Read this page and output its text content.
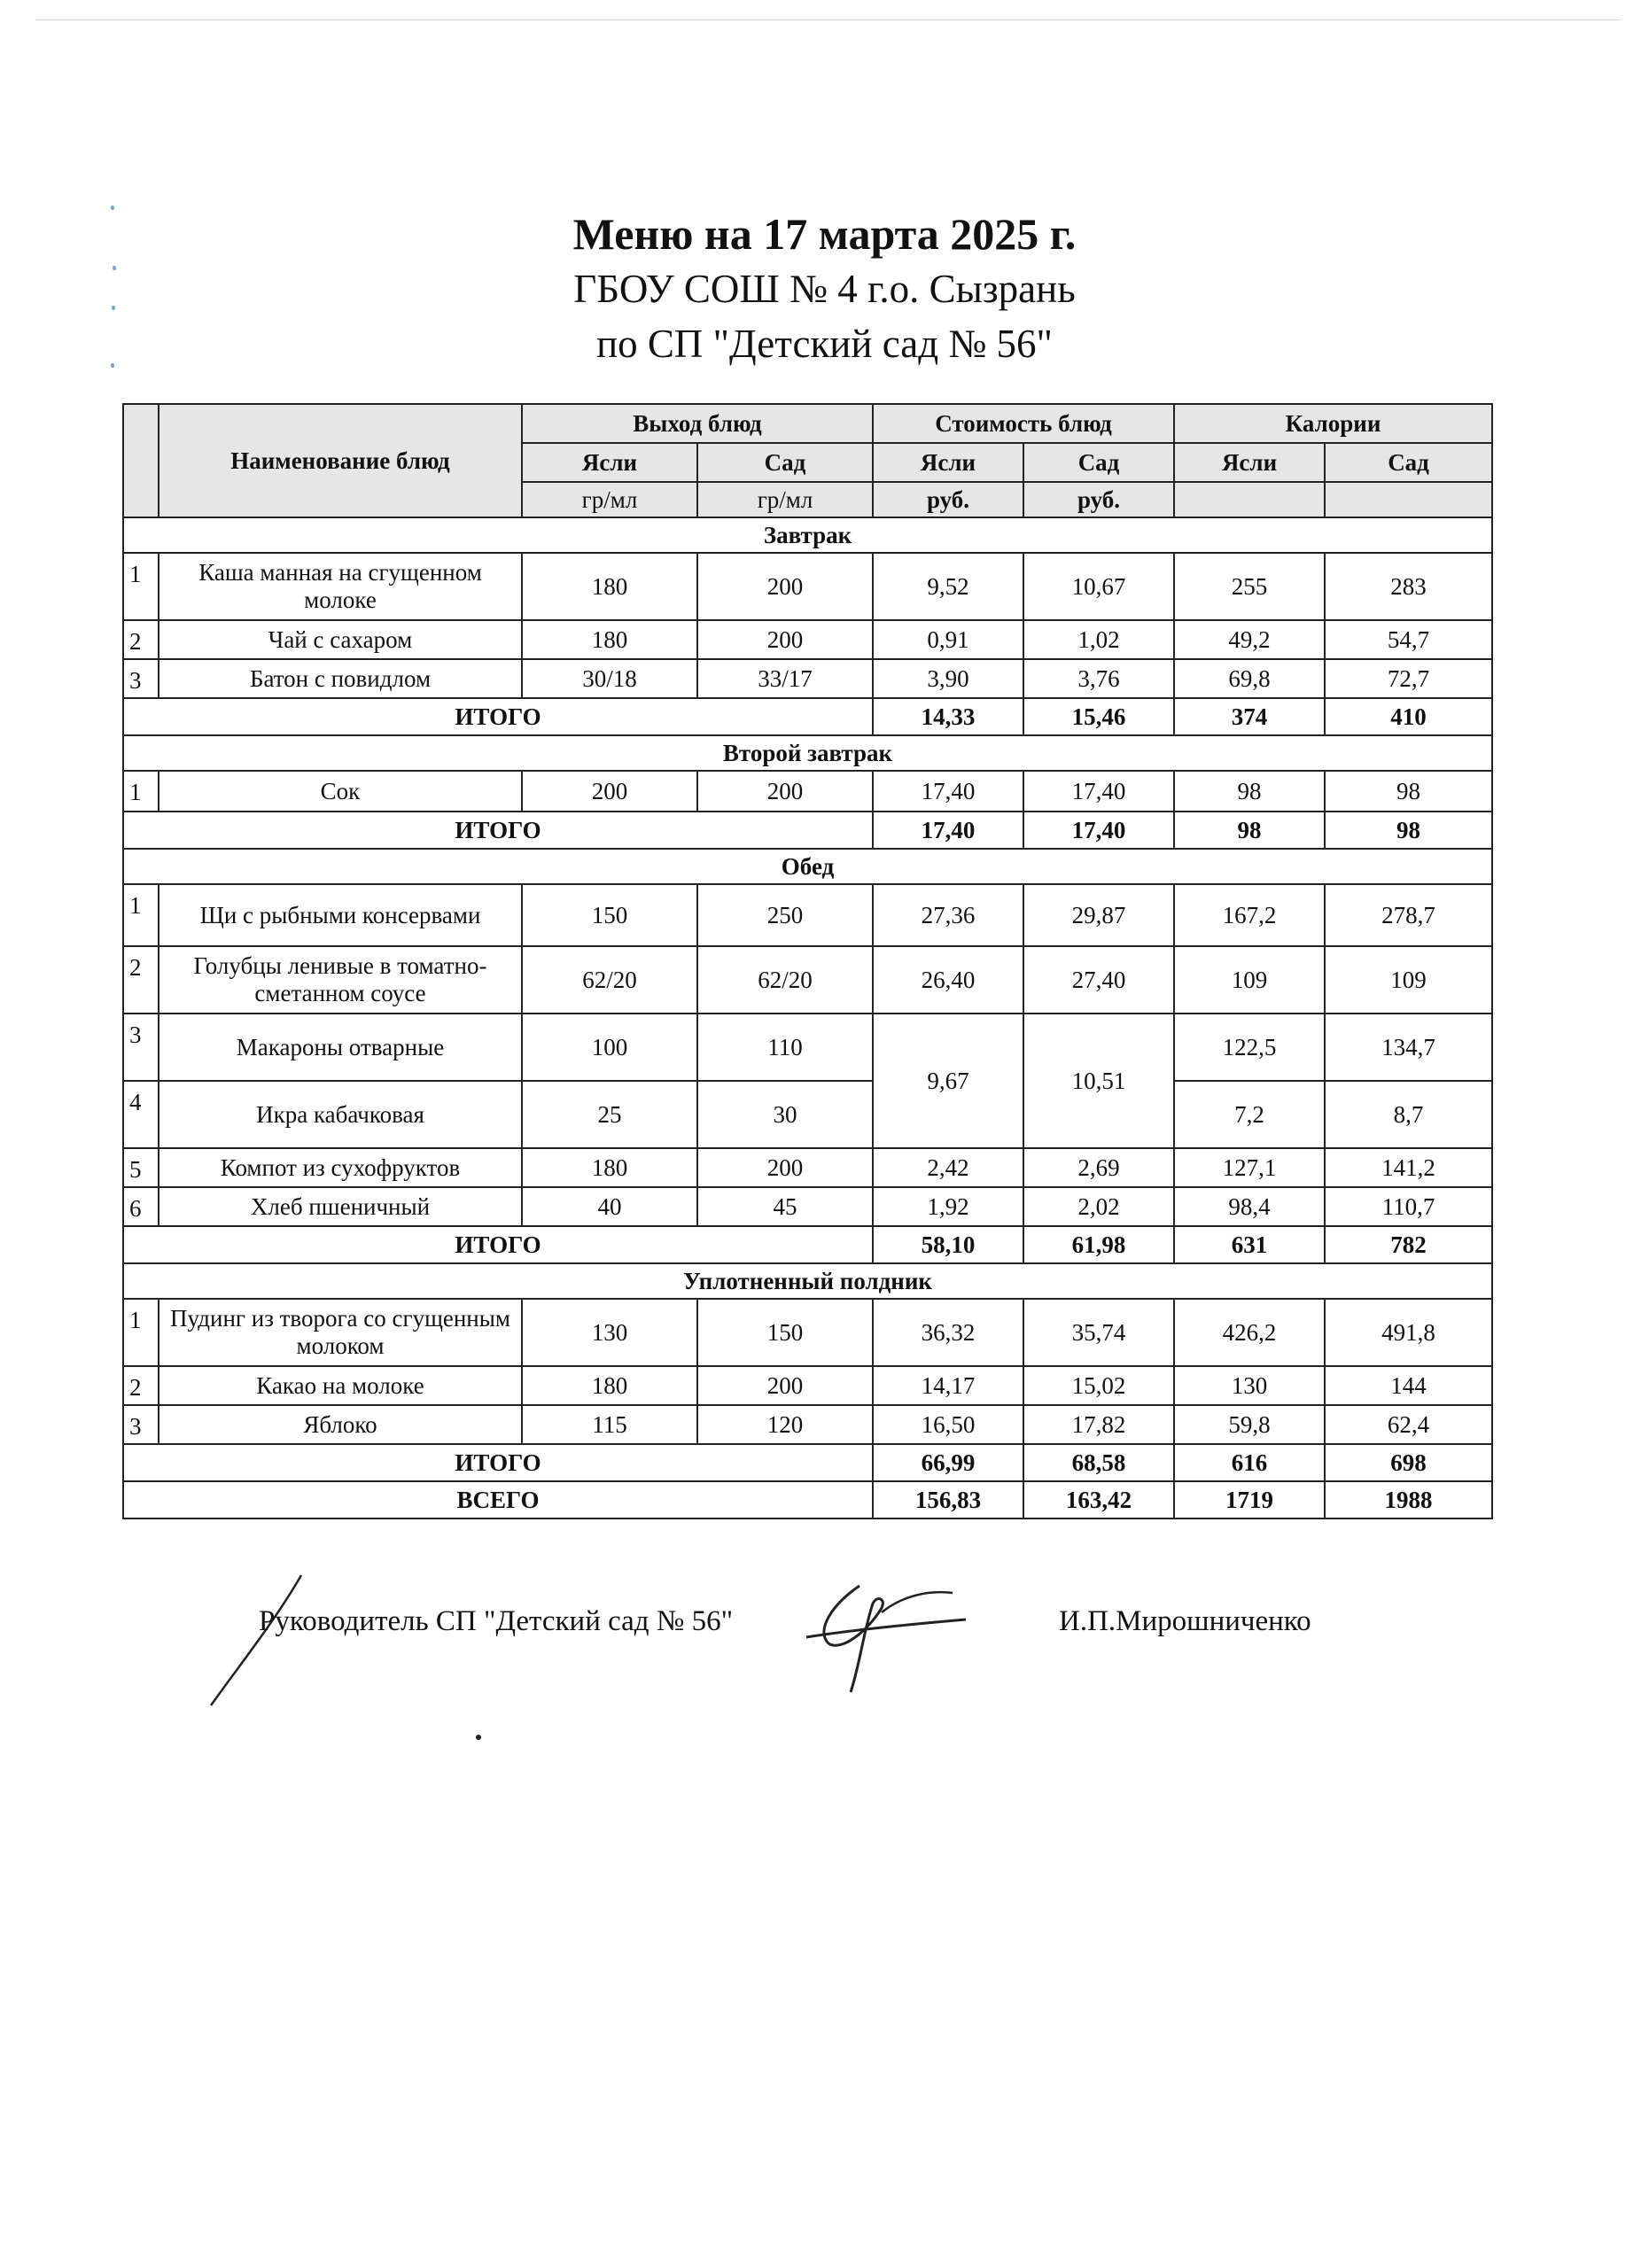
Меню на 17 марта 2025 г.
ГБОУ СОШ № 4 г.о. Сызрань
по СП "Детский сад № 56"
	Наименование блюд	Выход блюд		Стоимость блюд		Калории	
		Ясли	Сад	Ясли	Сад	Ясли	Сад
		гр/мл	гр/мл	руб.	руб.		
Завтрак							
1	Каша манная на сгущенном молоке	180	200	9,52	10,67	255	283
2	Чай с сахаром	180	200	0,91	1,02	49,2	54,7
3	Батон с повидлом	30/18	33/17	3,90	3,76	69,8	72,7
ИТОГО				14,33	15,46	374	410
Второй завтрак							
1	Сок	200	200	17,40	17,40	98	98
ИТОГО				17,40	17,40	98	98
Обед							
1	Щи с рыбными консервами	150	250	27,36	29,87	167,2	278,7
2	Голубцы ленивые в томатно-сметанном соусе	62/20	62/20	26,40	27,40	109	109
3	Макароны отварные	100	110	9,67	10,51	122,5	134,7
4	Икра кабачковая	25	30			7,2	8,7
5	Компот из сухофруктов	180	200	2,42	2,69	127,1	141,2
6	Хлеб пшеничный	40	45	1,92	2,02	98,4	110,7
ИТОГО				58,10	61,98	631	782
Уплотненный полдник							
1	Пудинг из творога со сгущенным молоком	130	150	36,32	35,74	426,2	491,8
2	Какао на молоке	180	200	14,17	15,02	130	144
3	Яблоко	115	120	16,50	17,82	59,8	62,4
ИТОГО				66,99	68,58	616	698
ВСЕГО				156,83	163,42	1719	1988
Руководитель СП "Детский сад № 56"	И.П.Мирошниченко
